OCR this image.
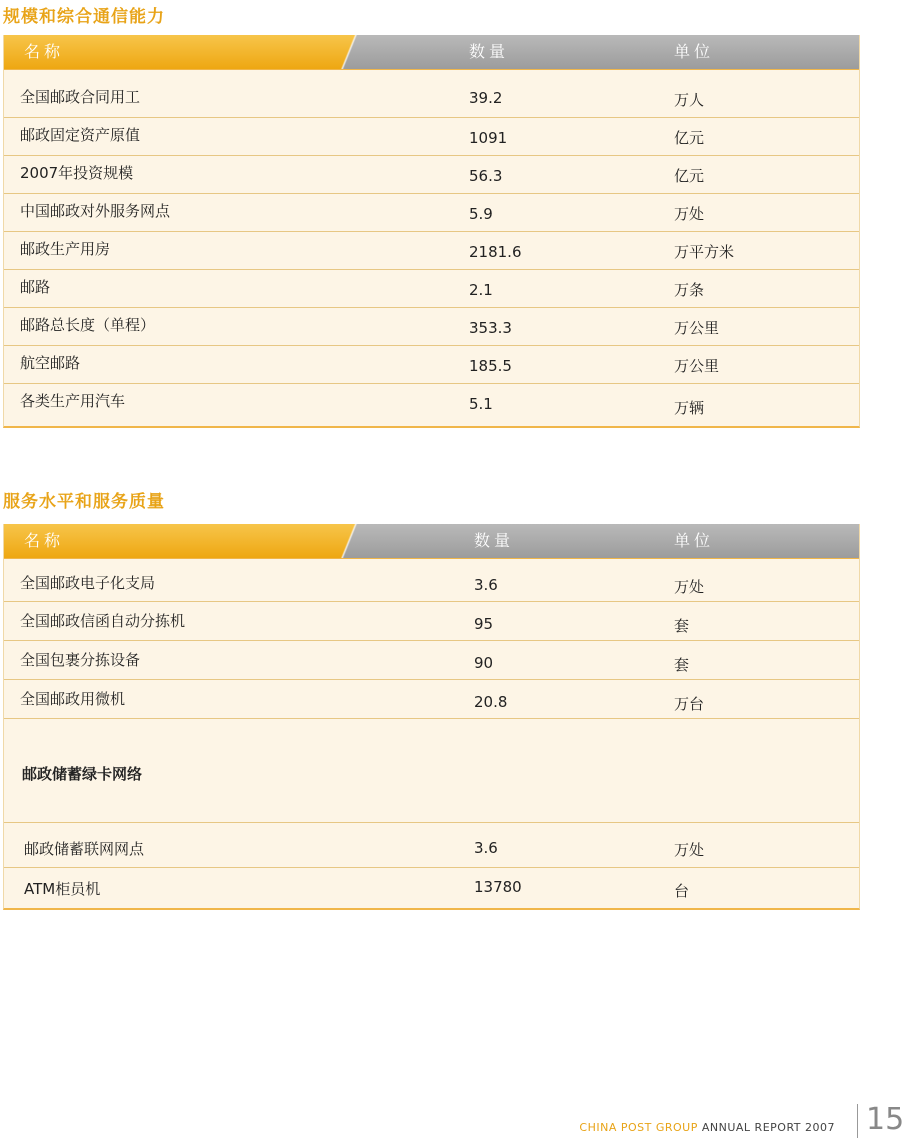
规模和综合通信能力
名称	数量	单位
全国邮政合同用工	39.2	万人
邮政固定资产原值	1091	亿元
2007年投资规模	56.3	亿元
中国邮政对外服务网点	5.9	万处
邮政生产用房	2181.6	万平方米
邮路	2.1	万条
邮路总长度（单程）	353.3	万公里
航空邮路	185.5	万公里
各类生产用汽车	5.1	万辆
服务水平和服务质量
名称	数量	单位
全国邮政电子化支局	3.6	万处
全国邮政信函自动分拣机	95	套
全国包裹分拣设备	90	套
全国邮政用微机	20.8	万台
邮政储蓄绿卡网络
邮政储蓄联网网点	3.6	万处
ATM柜员机	13780	台
CHINA POST GROUP ANNUAL REPORT 2007 15
